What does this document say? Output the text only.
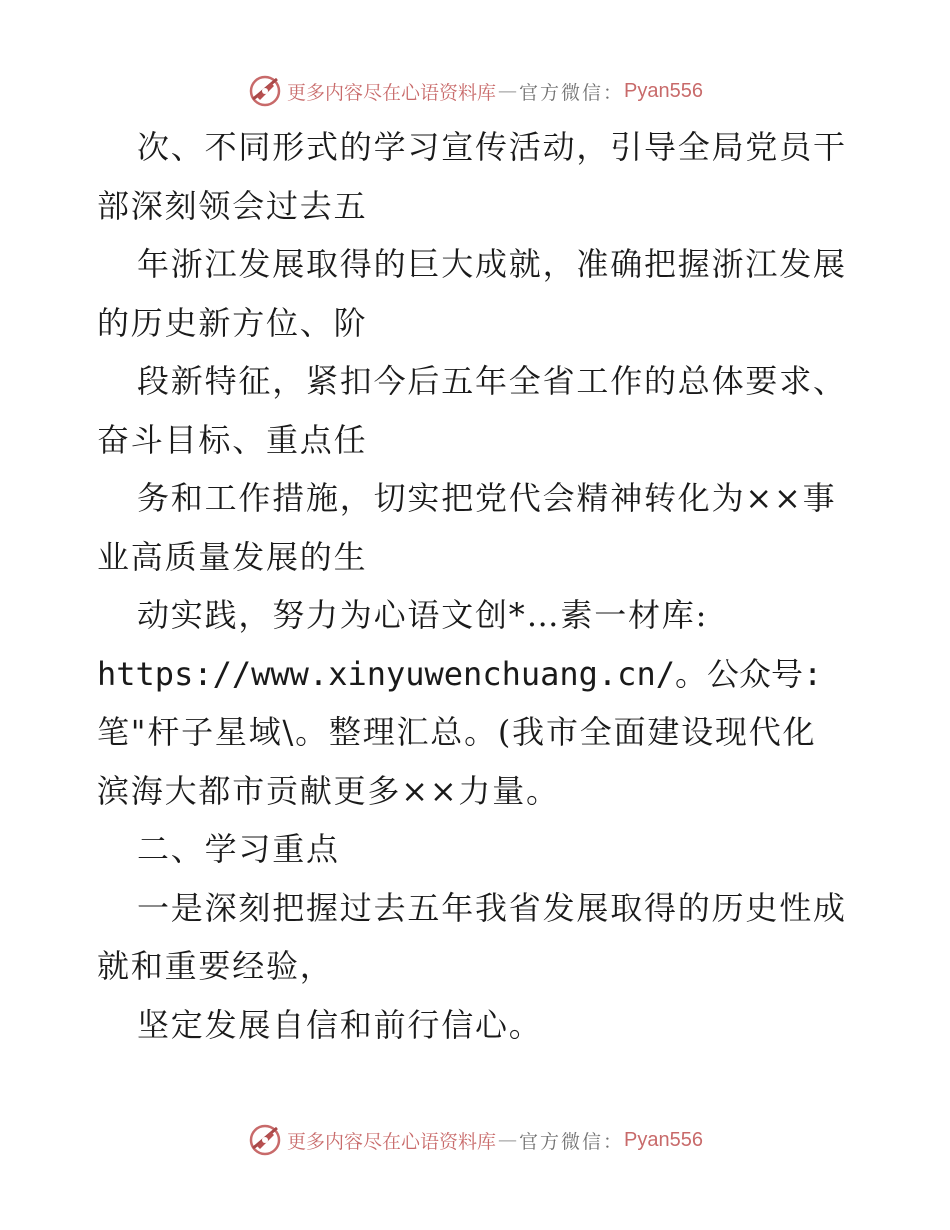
更多内容尽在心语资料库 — 官方微信： Pyan556
次、不同形式的学习宣传活动，引导全局党员干
部深刻领会过去五
年浙江发展取得的巨大成就，准确把握浙江发展
的历史新方位、阶
段新特征，紧扣今后五年全省工作的总体要求、
奋斗目标、重点任
务和工作措施，切实把党代会精神转化为××事
业高质量发展的生
动实践，努力为心语文创*…素一材库:
https://www.xinyuwenchuang.cn/。公众号:
笔"杆子星域\。整理汇总。(我市全面建设现代化
滨海大都市贡献更多××力量。
二、学习重点
一是深刻把握过去五年我省发展取得的历史性成
就和重要经验，
坚定发展自信和前行信心。
更多内容尽在心语资料库 — 官方微信： Pyan556
